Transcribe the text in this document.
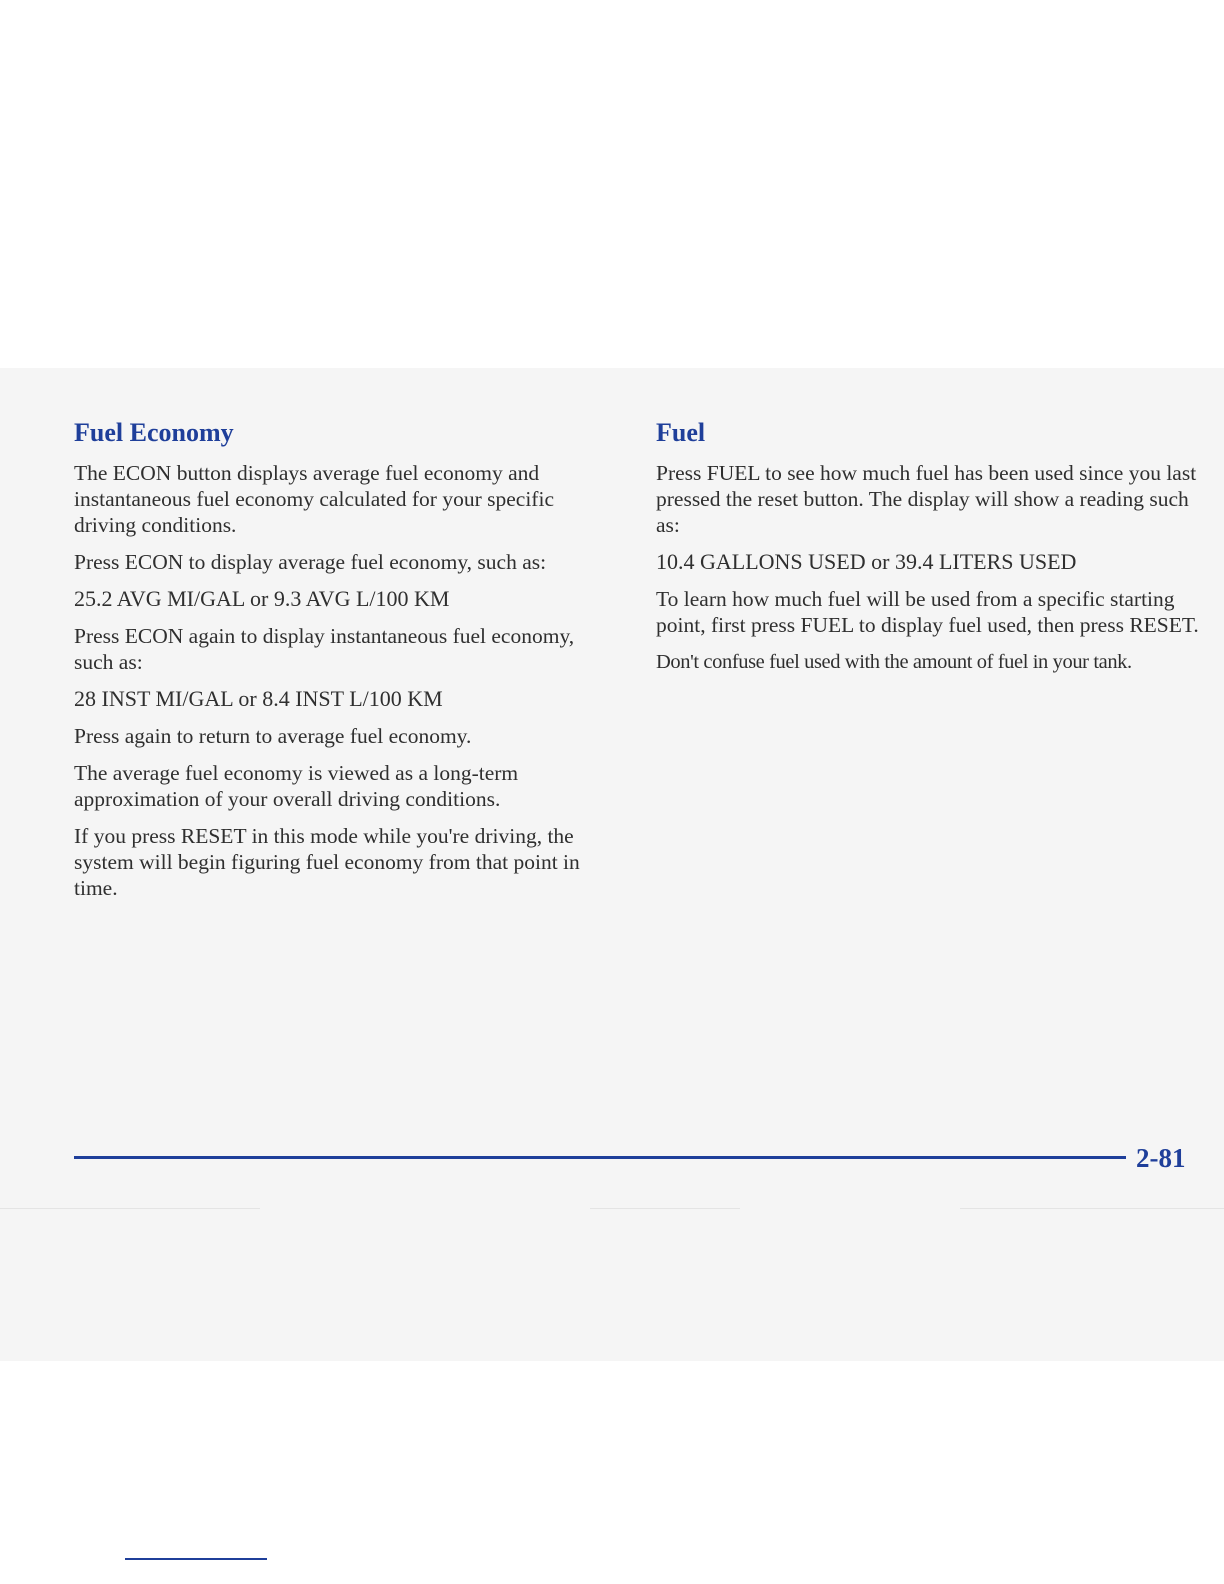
Fuel Economy

The ECON button displays average fuel economy and instantaneous fuel economy calculated for your specific driving conditions.

Press ECON to display average fuel economy, such as:

25.2 AVG MI/GAL or 9.3 AVG L/100 KM

Press ECON again to display instantaneous fuel economy, such as:

28 INST MI/GAL or 8.4 INST L/100 KM

Press again to return to average fuel economy.

The average fuel economy is viewed as a long-term approximation of your overall driving conditions.

If you press RESET in this mode while you're driving, the system will begin figuring fuel economy from that point in time.

Fuel

Press FUEL to see how much fuel has been used since you last pressed the reset button. The display will show a reading such as:

10.4 GALLONS USED or 39.4 LITERS USED

To learn how much fuel will be used from a specific starting point, first press FUEL to display fuel used, then press RESET.

Don't confuse fuel used with the amount of fuel in your tank.

2-81
